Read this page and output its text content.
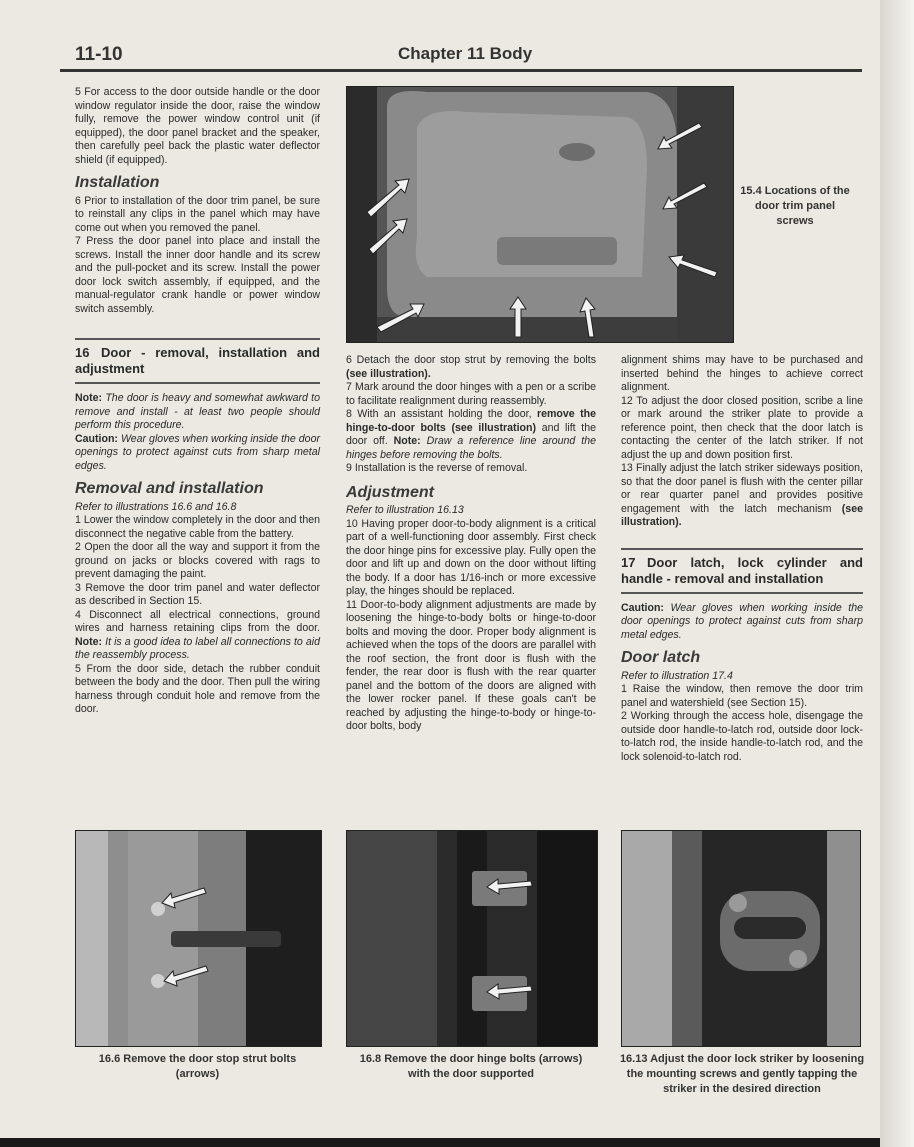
11-10	Chapter 11 Body

5 For access to the door outside handle or the door window regulator inside the door, raise the window fully, remove the power window control unit (if equipped), the door panel bracket and the speaker, then carefully peel back the plastic water deflector shield (if equipped).

Installation

6 Prior to installation of the door trim panel, be sure to reinstall any clips in the panel which may have come out when you removed the panel.

7 Press the door panel into place and install the screws. Install the inner door handle and its screw and the pull-pocket and its screw. Install the power door lock switch assembly, if equipped, and the manual-regulator crank handle or power window switch assembly.

16 Door - removal, installation and adjustment

Note: The door is heavy and somewhat awkward to remove and install - at least two people should perform this procedure.

Caution: Wear gloves when working inside the door openings to protect against cuts from sharp metal edges.

Removal and installation

Refer to illustrations 16.6 and 16.8

1 Lower the window completely in the door and then disconnect the negative cable from the battery.

2 Open the door all the way and support it from the ground on jacks or blocks covered with rags to prevent damaging the paint.

3 Remove the door trim panel and water deflector as described in Section 15.

4 Disconnect all electrical connections, ground wires and harness retaining clips from the door. Note: It is a good idea to label all connections to aid the reassembly process.

5 From the door side, detach the rubber conduit between the body and the door. Then pull the wiring harness through conduit hole and remove from the door.

15.4 Locations of the door trim panel screws

6 Detach the door stop strut by removing the bolts (see illustration).

7 Mark around the door hinges with a pen or a scribe to facilitate realignment during reassembly.

8 With an assistant holding the door, remove the hinge-to-door bolts (see illustration) and lift the door off. Note: Draw a reference line around the hinges before removing the bolts.

9 Installation is the reverse of removal.

Adjustment

Refer to illustration 16.13

10 Having proper door-to-body alignment is a critical part of a well-functioning door assembly. First check the door hinge pins for excessive play. Fully open the door and lift up and down on the door without lifting the body. If a door has 1/16-inch or more excessive play, the hinges should be replaced.

11 Door-to-body alignment adjustments are made by loosening the hinge-to-body bolts or hinge-to-door bolts and moving the door. Proper body alignment is achieved when the tops of the doors are parallel with the roof section, the front door is flush with the fender, the rear door is flush with the rear quarter panel and the bottom of the doors are aligned with the lower rocker panel. If these goals can't be reached by adjusting the hinge-to-body or hinge-to-door bolts, body

alignment shims may have to be purchased and inserted behind the hinges to achieve correct alignment.

12 To adjust the door closed position, scribe a line or mark around the striker plate to provide a reference point, then check that the door latch is contacting the center of the latch striker. If not adjust the up and down position first.

13 Finally adjust the latch striker sideways position, so that the door panel is flush with the center pillar or rear quarter panel and provides positive engagement with the latch mechanism (see illustration).

17 Door latch, lock cylinder and handle - removal and installation

Caution: Wear gloves when working inside the door openings to protect against cuts from sharp metal edges.

Door latch

Refer to illustration 17.4

1 Raise the window, then remove the door trim panel and watershield (see Section 15).

2 Working through the access hole, disengage the outside door handle-to-latch rod, outside door lock-to-latch rod, the inside handle-to-latch rod, and the lock solenoid-to-latch rod.

16.6 Remove the door stop strut bolts (arrows)
16.8 Remove the door hinge bolts (arrows) with the door supported
16.13 Adjust the door lock striker by loosening the mounting screws and gently tapping the striker in the desired direction
